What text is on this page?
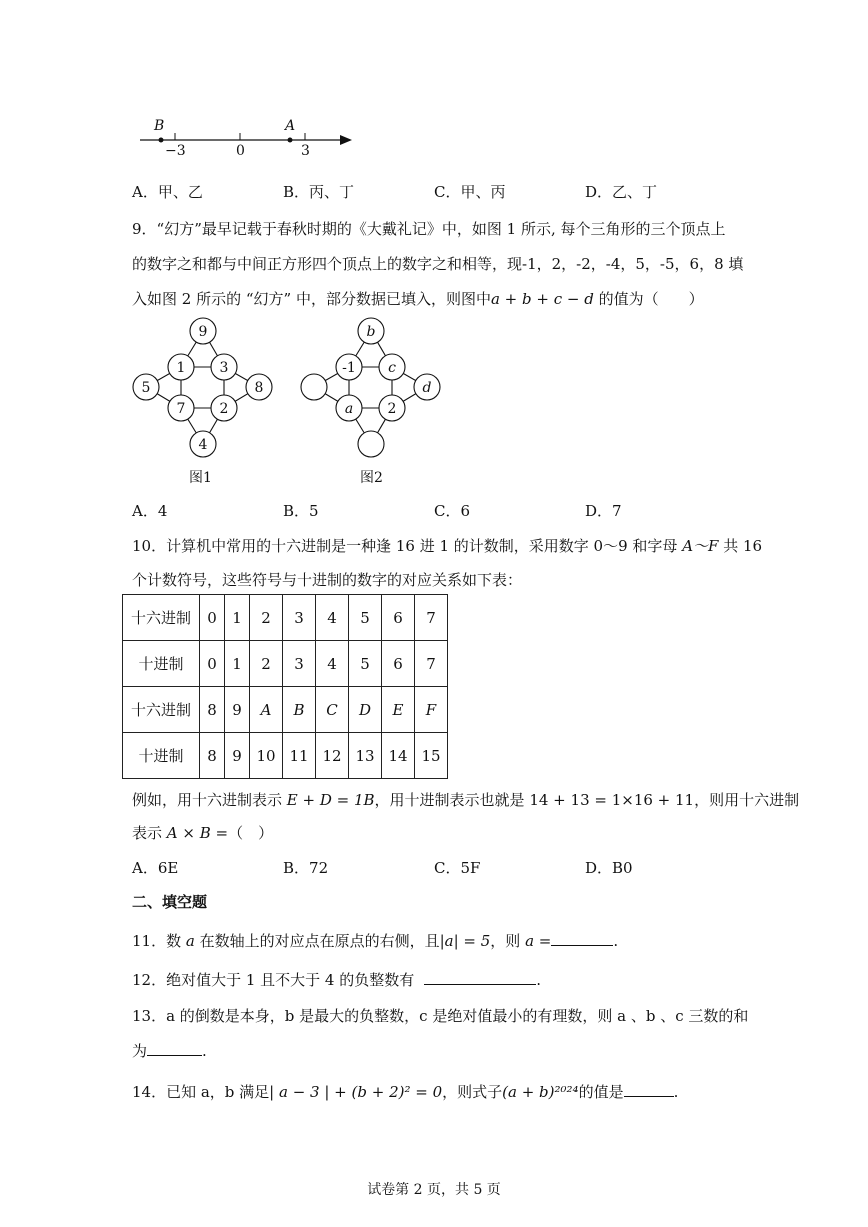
B	A
−3	0	3
A．甲、乙	B．丙、丁	C．甲、丙	D．乙、丁
9．“幻方”最早记载于春秋时期的《大戴礼记》中，如图 1 所示, 每个三角形的三个顶点上
的数字之和都与中间正方形四个顶点上的数字之和相等，现-1，2，-2，-4，5，-5，6，8 填
入如图 2 所示的 “幻方” 中，部分数据已填入，则图中a + b + c − d 的值为（　　）
9
1 3
5	8
7 2
4
图1
b
-1 c
d
a 2
图2
A．4	B．5	C．6	D．7
10．计算机中常用的十六进制是一种逢 16 进 1 的计数制，采用数字 0～9 和字母 A～F 共 16
个计数符号，这些符号与十进制的数字的对应关系如下表：
十六进制	0	1	2	3	4	5	6	7
十进制	0	1	2	3	4	5	6	7
十六进制	8	9	A	B	C	D	E	F
十进制	8	9	10	11	12	13	14	15
例如，用十六进制表示 E + D = 1B，用十进制表示也就是 14 + 13 = 1×16 + 11，则用十六进制
表示 A × B =（　）
A．6E	B．72	C．5F	D．B0
二、填空题
11．数 a 在数轴上的对应点在原点的右侧，且|a| = 5，则 a =	.
12．绝对值大于 1 且不大于 4 的负整数有	.
13．a 的倒数是本身，b 是最大的负整数，c 是绝对值最小的有理数，则 a 、b 、c 三数的和
为	.
14．已知 a，b 满足| a − 3 | + (b + 2)² = 0，则式子(a + b)²⁰²⁴的值是	.
试卷第 2 页，共 5 页
